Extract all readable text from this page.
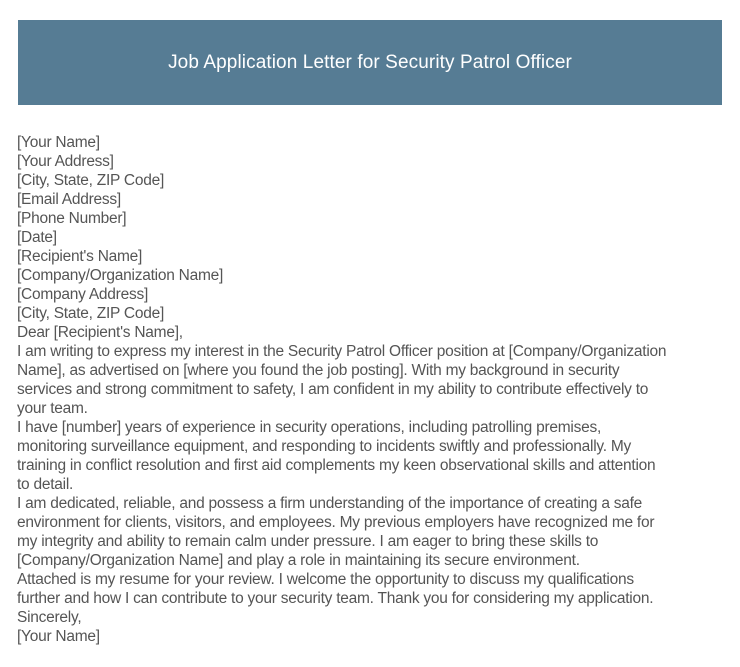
Job Application Letter for Security Patrol Officer
[Your Name]
[Your Address]
[City, State, ZIP Code]
[Email Address]
[Phone Number]
[Date]
[Recipient's Name]
[Company/Organization Name]
[Company Address]
[City, State, ZIP Code]
Dear [Recipient's Name],
I am writing to express my interest in the Security Patrol Officer position at [Company/Organization
Name], as advertised on [where you found the job posting]. With my background in security
services and strong commitment to safety, I am confident in my ability to contribute effectively to
your team.
I have [number] years of experience in security operations, including patrolling premises,
monitoring surveillance equipment, and responding to incidents swiftly and professionally. My
training in conflict resolution and first aid complements my keen observational skills and attention
to detail.
I am dedicated, reliable, and possess a firm understanding of the importance of creating a safe
environment for clients, visitors, and employees. My previous employers have recognized me for
my integrity and ability to remain calm under pressure. I am eager to bring these skills to
[Company/Organization Name] and play a role in maintaining its secure environment.
Attached is my resume for your review. I welcome the opportunity to discuss my qualifications
further and how I can contribute to your security team. Thank you for considering my application.
Sincerely,
[Your Name]
